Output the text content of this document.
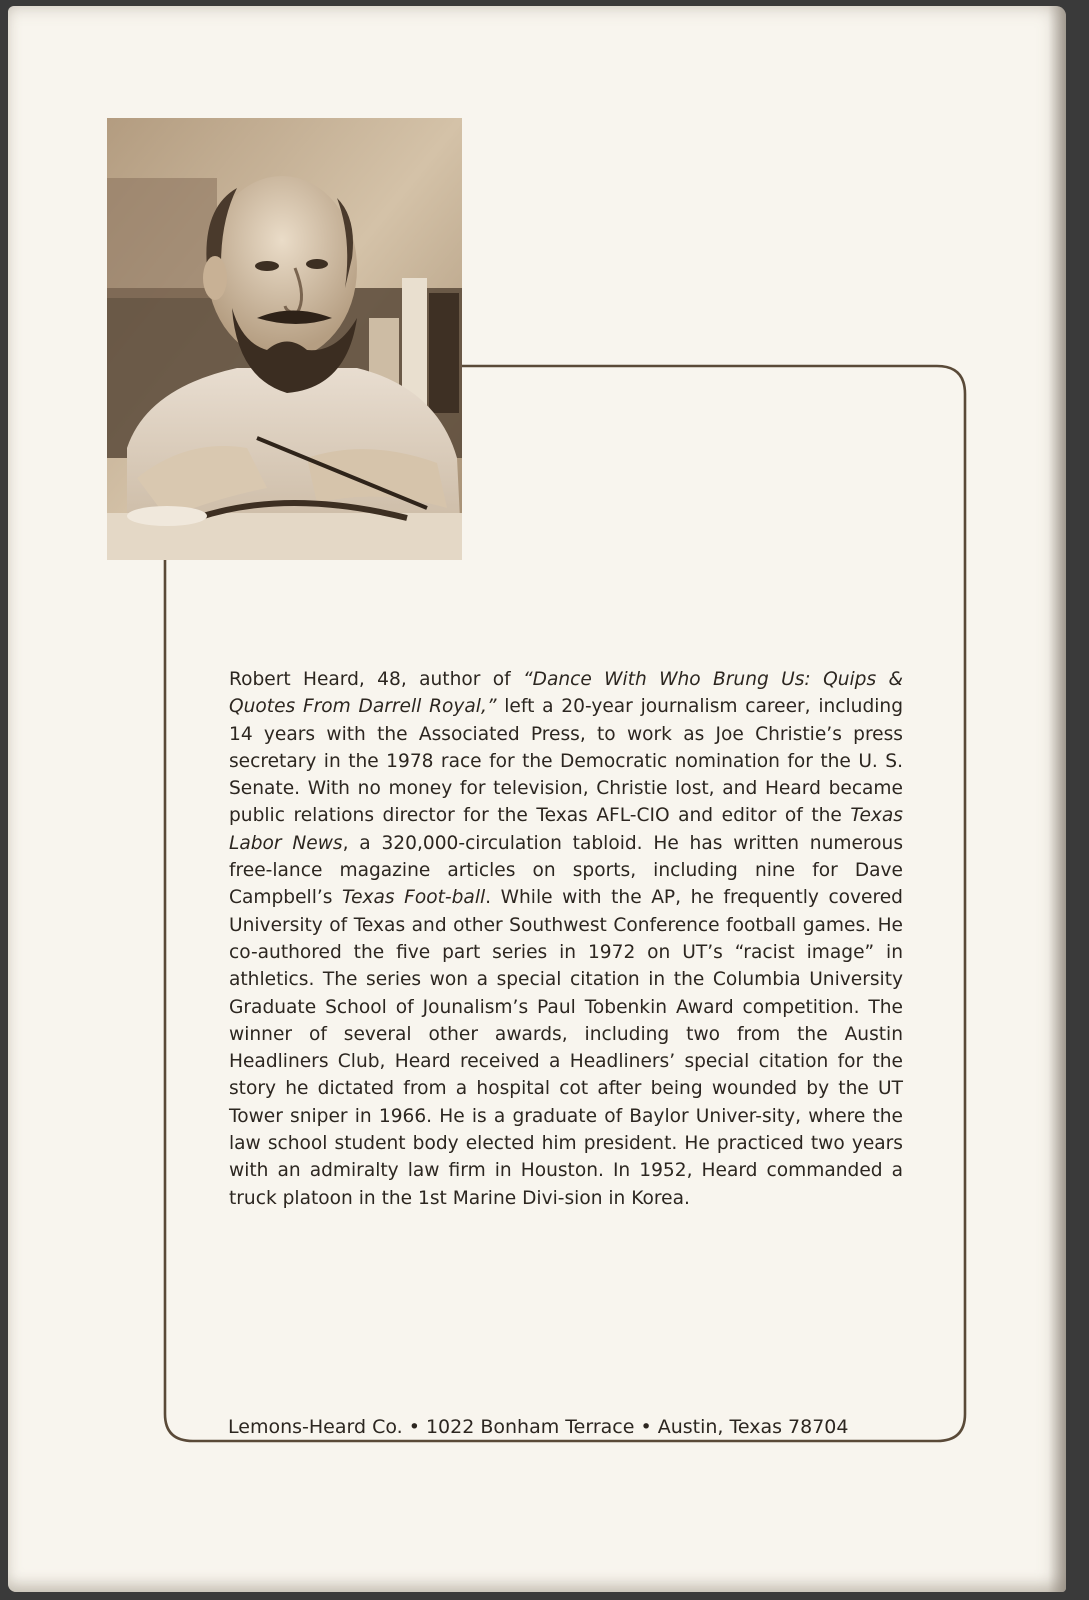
Robert Heard, 48, author of “Dance With Who Brung Us: Quips & Quotes From Darrell Royal,” left a 20-year journalism career, including 14 years with the Associated Press, to work as Joe Christie’s press secretary in the 1978 race for the Democratic nomination for the U. S. Senate. With no money for television, Christie lost, and Heard became public relations director for the Texas AFL-CIO and editor of the Texas Labor News, a 320,000-circulation tabloid. He has written numerous free-lance magazine articles on sports, including nine for Dave Campbell’s Texas Foot-ball. While with the AP, he frequently covered University of Texas and other Southwest Conference football games. He co-authored the five part series in 1972 on UT’s “racist image” in athletics. The series won a special citation in the Columbia University Graduate School of Jounalism’s Paul Tobenkin Award competition. The winner of several other awards, including two from the Austin Headliners Club, Heard received a Headliners’ special citation for the story he dictated from a hospital cot after being wounded by the UT Tower sniper in 1966. He is a graduate of Baylor Univer-sity, where the law school student body elected him president. He practiced two years with an admiralty law firm in Houston. In 1952, Heard commanded a truck platoon in the 1st Marine Divi-sion in Korea.

Lemons-Heard Co. • 1022 Bonham Terrace • Austin, Texas 78704
